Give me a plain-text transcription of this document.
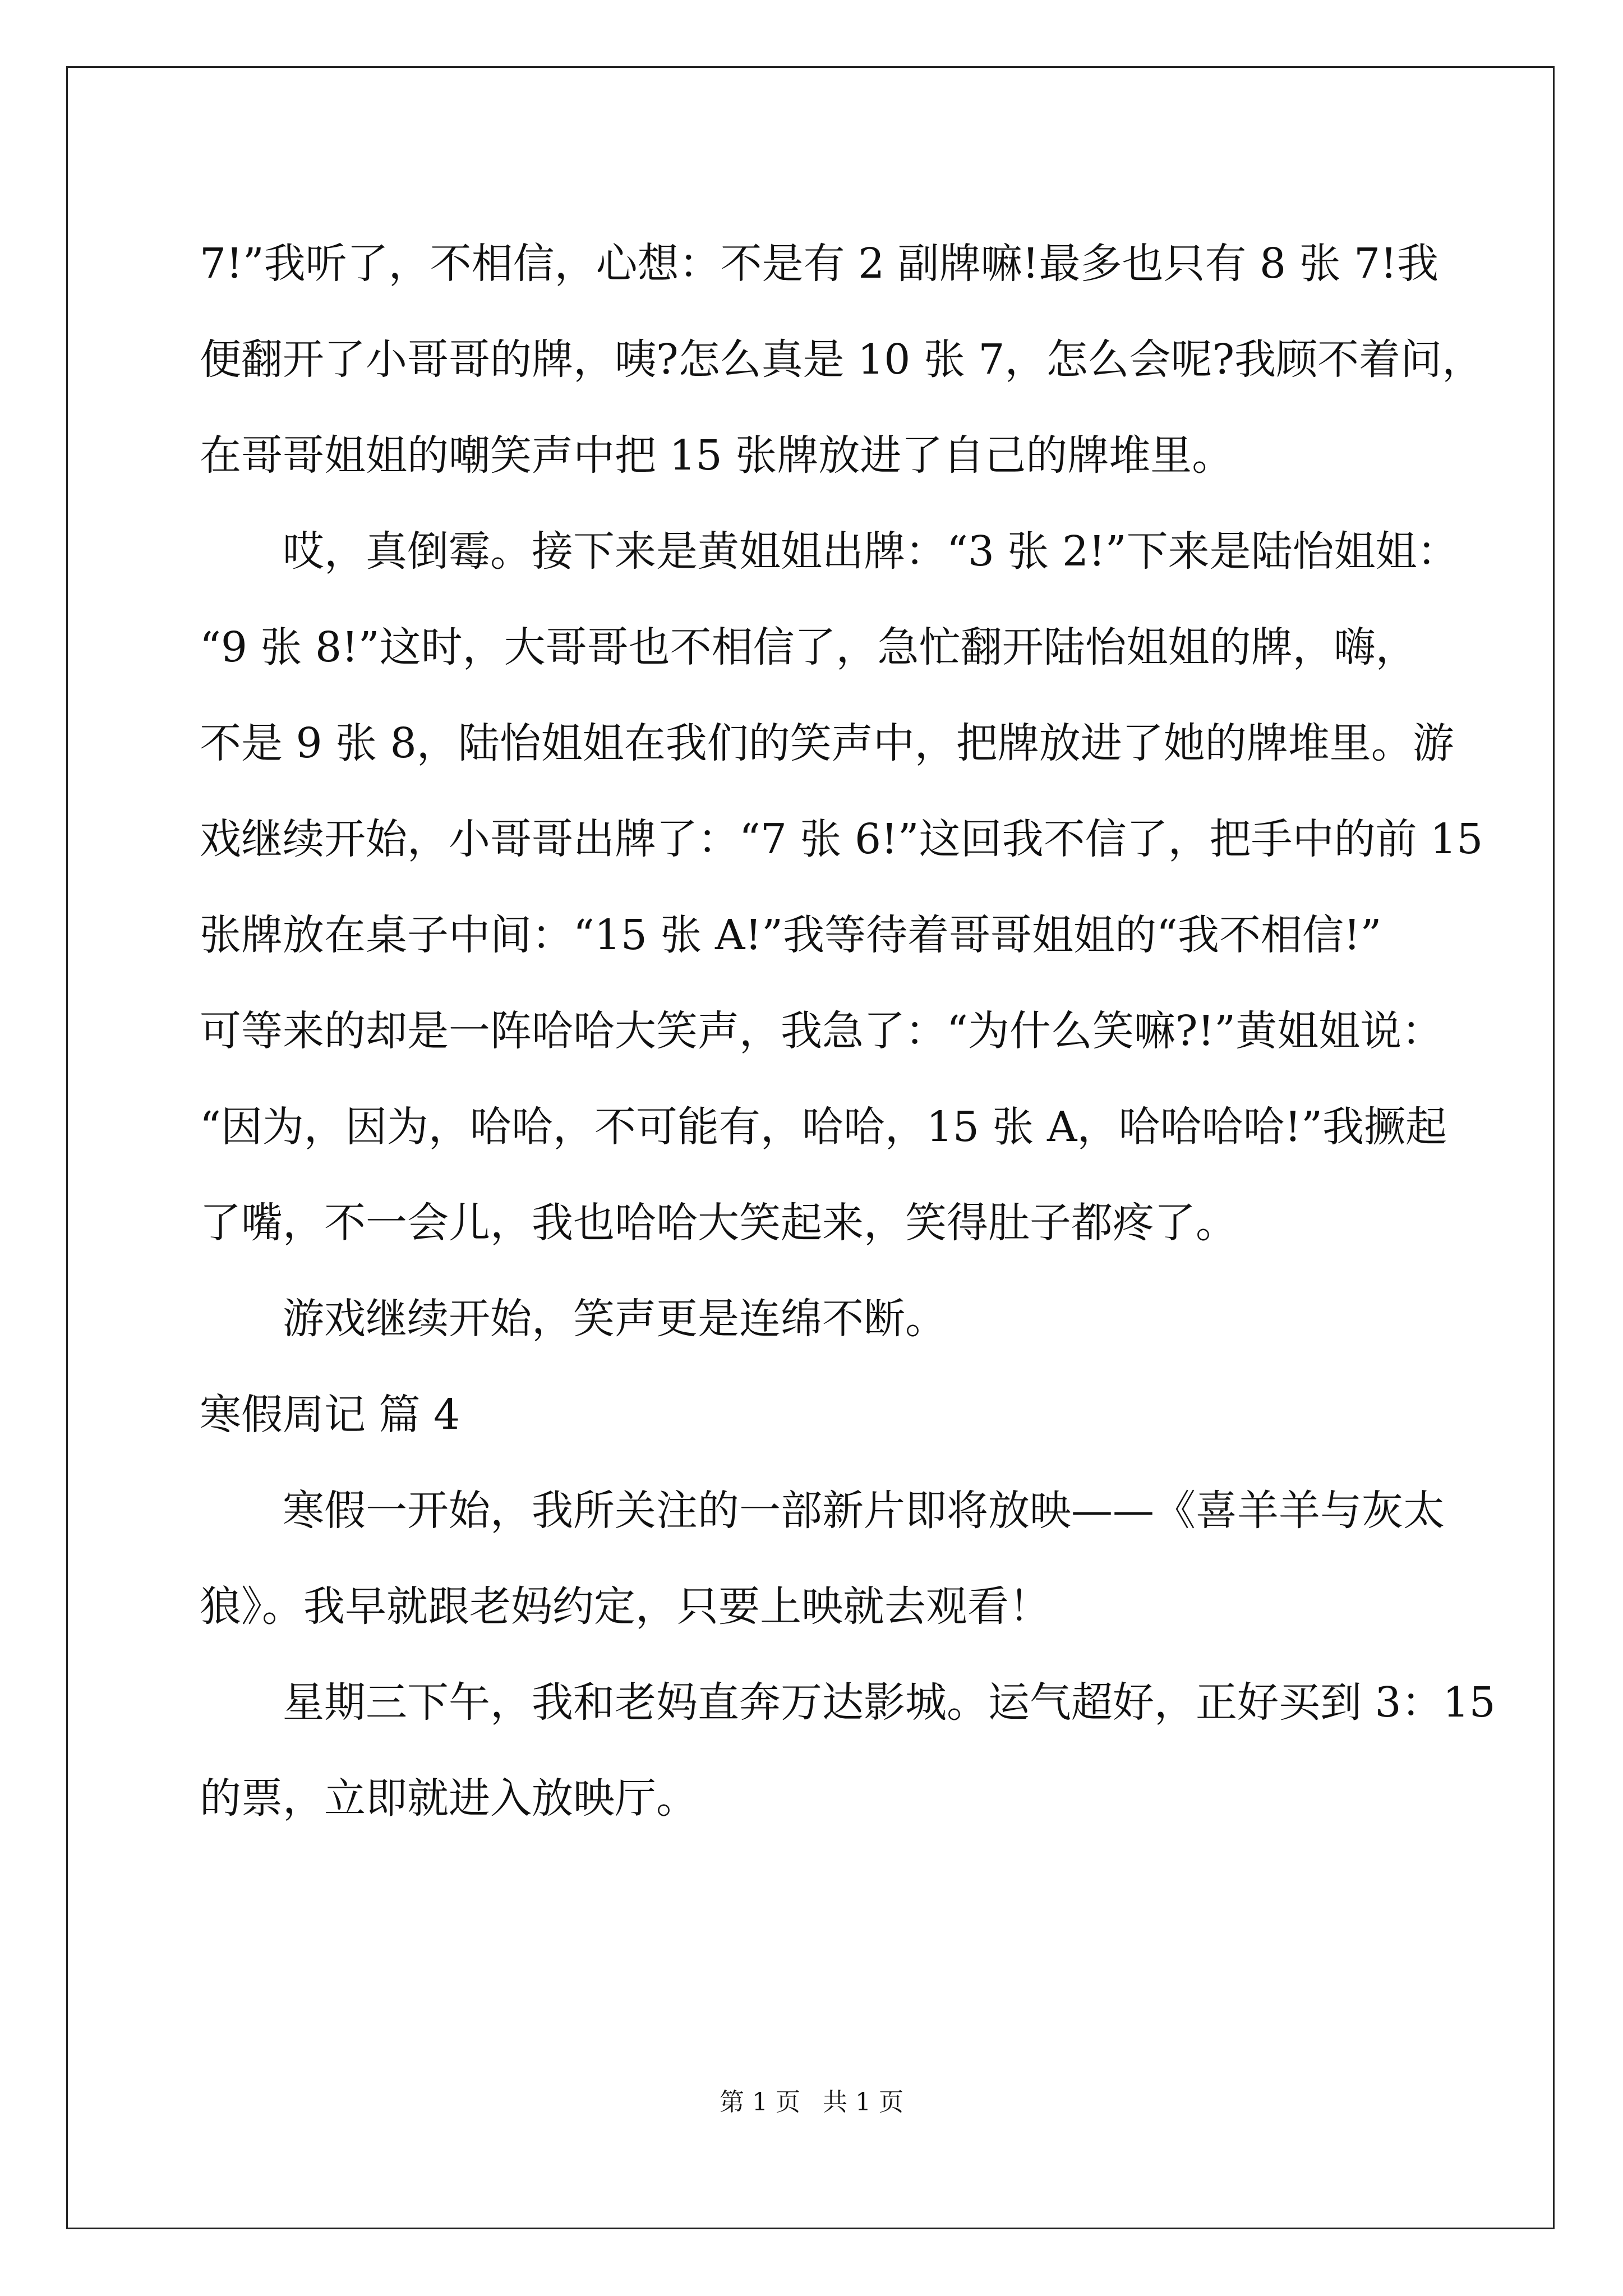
7!”我听了，不相信，心想：不是有 2 副牌嘛!最多也只有 8 张 7!我
便翻开了小哥哥的牌，咦?怎么真是 10 张 7，怎么会呢?我顾不着问，
在哥哥姐姐的嘲笑声中把 15 张牌放进了自己的牌堆里。
哎，真倒霉。接下来是黄姐姐出牌：“3 张 2!”下来是陆怡姐姐：
“9 张 8!”这时，大哥哥也不相信了，急忙翻开陆怡姐姐的牌，嗨，
不是 9 张 8，陆怡姐姐在我们的笑声中，把牌放进了她的牌堆里。游
戏继续开始，小哥哥出牌了：“7 张 6!”这回我不信了，把手中的前 15
张牌放在桌子中间：“15 张 A!”我等待着哥哥姐姐的“我不相信!”
可等来的却是一阵哈哈大笑声，我急了：“为什么笑嘛?!”黄姐姐说：
“因为，因为，哈哈，不可能有，哈哈，15 张 A，哈哈哈哈!”我撅起
了嘴，不一会儿，我也哈哈大笑起来，笑得肚子都疼了。
游戏继续开始，笑声更是连绵不断。
寒假周记 篇 4
寒假一开始，我所关注的一部新片即将放映——《喜羊羊与灰太
狼》。我早就跟老妈约定，只要上映就去观看！
星期三下午，我和老妈直奔万达影城。运气超好，正好买到 3：15
的票，立即就进入放映厅。
第 1 页 共 1 页
